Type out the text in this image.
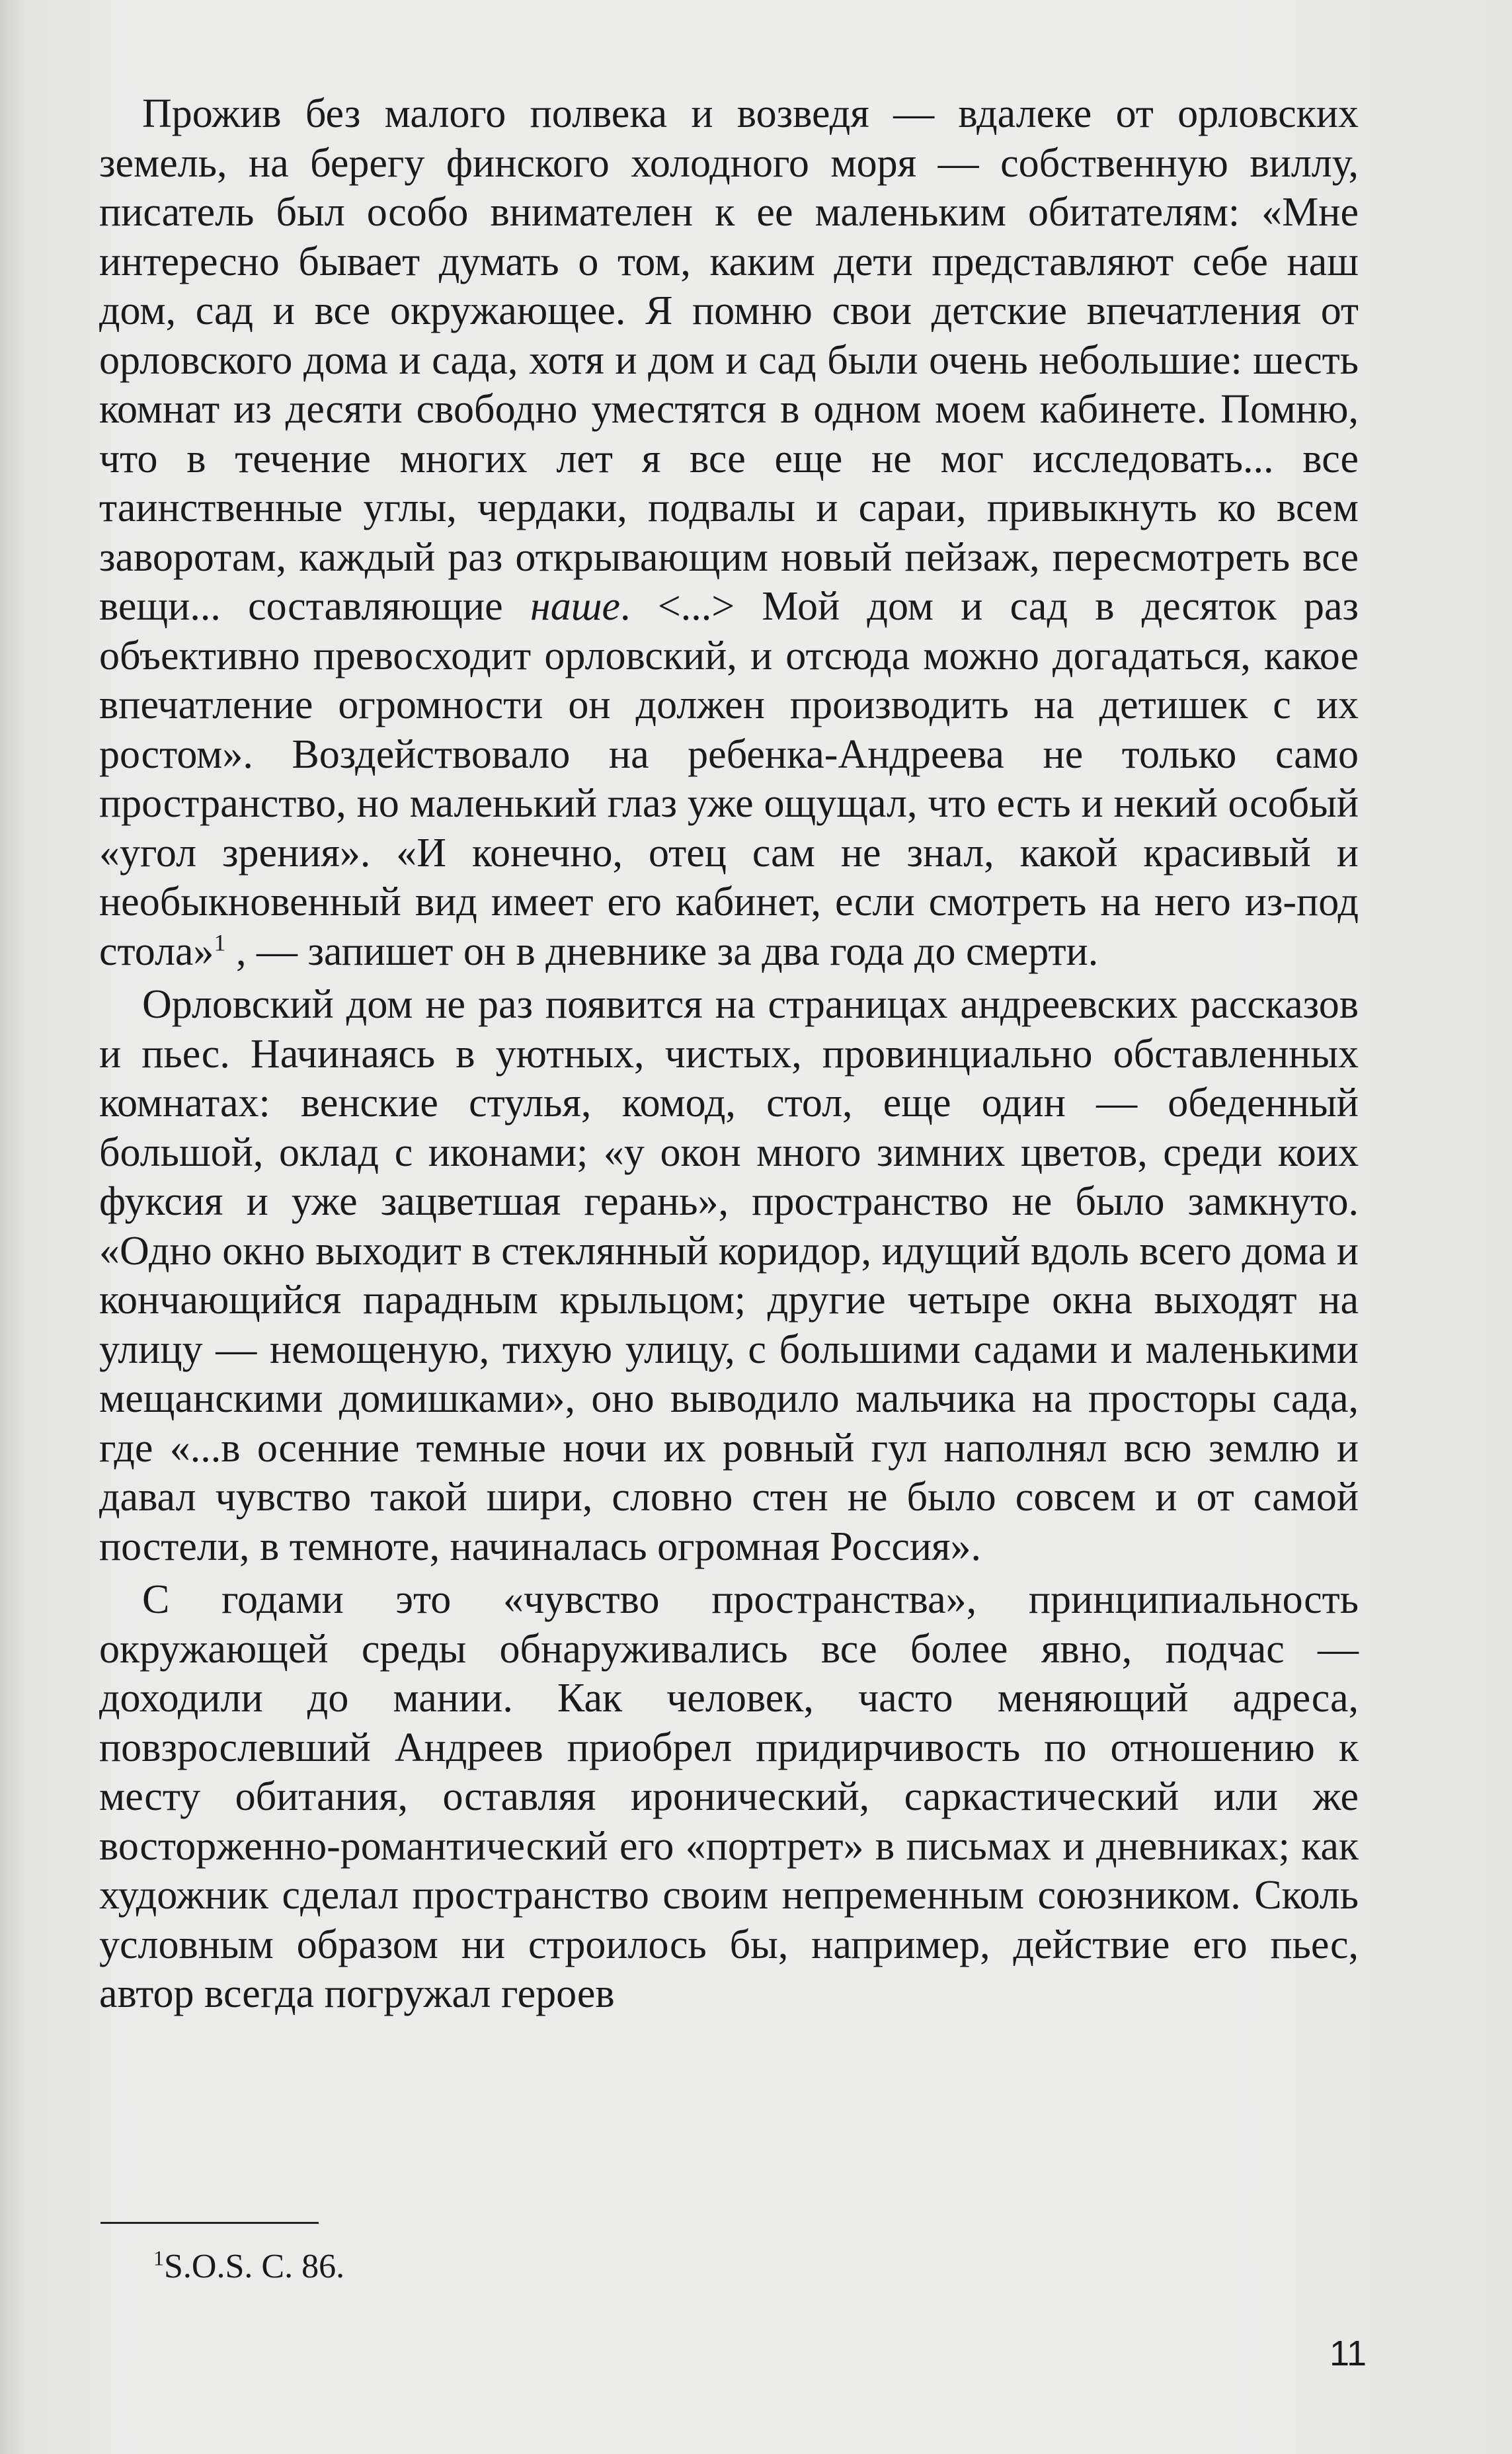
Прожив без малого полвека и возведя — вдалеке от орловских земель, на берегу финского холодного моря — собственную виллу, писатель был особо внимателен к ее маленьким обитателям: «Мне интересно бывает думать о том, каким дети представляют себе наш дом, сад и все окружающее. Я помню свои детские впечатления от орловского дома и сада, хотя и дом и сад были очень небольшие: шесть комнат из десяти свободно уместятся в одном моем кабинете. Помню, что в течение многих лет я все еще не мог исследовать... все таинственные углы, чердаки, подвалы и сараи, привыкнуть ко всем заворотам, каждый раз открывающим новый пейзаж, пересмотреть все вещи... составляющие наше. <...> Мой дом и сад в десяток раз объективно превосходит орловский, и отсюда можно догадаться, какое впечатление огромности он должен производить на детишек с их ростом». Воздействовало на ребенка-Андреева не только само пространство, но маленький глаз уже ощущал, что есть и некий особый «угол зрения». «И конечно, отец сам не знал, какой красивый и необыкновенный вид имеет его кабинет, если смотреть на него из-под стола»$^1$ , — запишет он в дневнике за два года до смерти.

Орловский дом не раз появится на страницах андреевских рассказов и пьес. Начинаясь в уютных, чистых, провинциально обставленных комнатах: венские стулья, комод, стол, еще один — обеденный большой, оклад с иконами; «у окон много зимних цветов, среди коих фуксия и уже зацветшая герань», пространство не было замкнуто. «Одно окно выходит в стеклянный коридор, идущий вдоль всего дома и кончающийся парадным крыльцом; другие четыре окна выходят на улицу — немощеную, тихую улицу, с большими садами и маленькими мещанскими домишками», оно выводило мальчика на просторы сада, где «...в осенние темные ночи их ровный гул наполнял всю землю и давал чувство такой шири, словно стен не было совсем и от самой постели, в темноте, начиналась огромная Россия».

С годами это «чувство пространства», принципиальность окружающей среды обнаруживались все более явно, подчас — доходили до мании. Как человек, часто меняющий адреса, повзрослевший Андреев приобрел придирчивость по отношению к месту обитания, оставляя иронический, саркастический или же восторженно-романтический его «портрет» в письмах и дневниках; как художник сделал пространство своим непременным союзником. Сколь условным образом ни строилось бы, например, действие его пьес, автор всегда погружал героев

$^1$S.O.S. С. 86.
11
